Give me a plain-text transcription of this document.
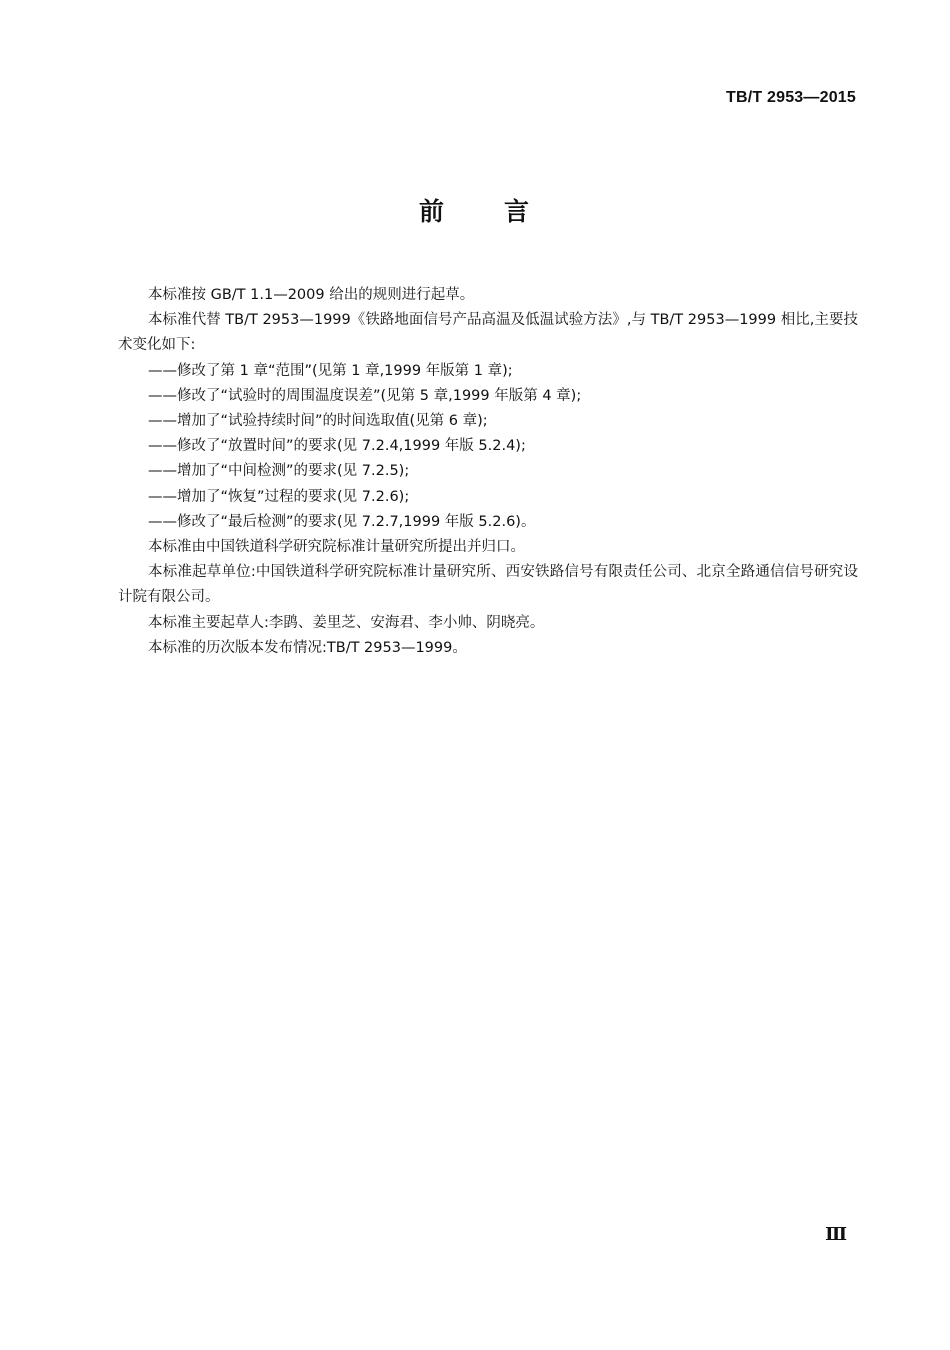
TB/T 2953—2015
前 言

本标准按 GB/T 1.1—2009 给出的规则进行起草。

本标准代替 TB/T 2953—1999《铁路地面信号产品高温及低温试验方法》,与 TB/T 2953—1999 相比,主要技术变化如下:

——修改了第 1 章“范围”(见第 1 章,1999 年版第 1 章);

——修改了“试验时的周围温度误差”(见第 5 章,1999 年版第 4 章);

——增加了“试验持续时间”的时间选取值(见第 6 章);

——修改了“放置时间”的要求(见 7.2.4,1999 年版 5.2.4);

——增加了“中间检测”的要求(见 7.2.5);

——增加了“恢复”过程的要求(见 7.2.6);

——修改了“最后检测”的要求(见 7.2.7,1999 年版 5.2.6)。

本标准由中国铁道科学研究院标准计量研究所提出并归口。

本标准起草单位:中国铁道科学研究院标准计量研究所、西安铁路信号有限责任公司、北京全路通信信号研究设计院有限公司。

本标准主要起草人:李鹍、姜里芝、安海君、李小帅、阴晓亮。

本标准的历次版本发布情况:TB/T 2953—1999。

Ⅲ
